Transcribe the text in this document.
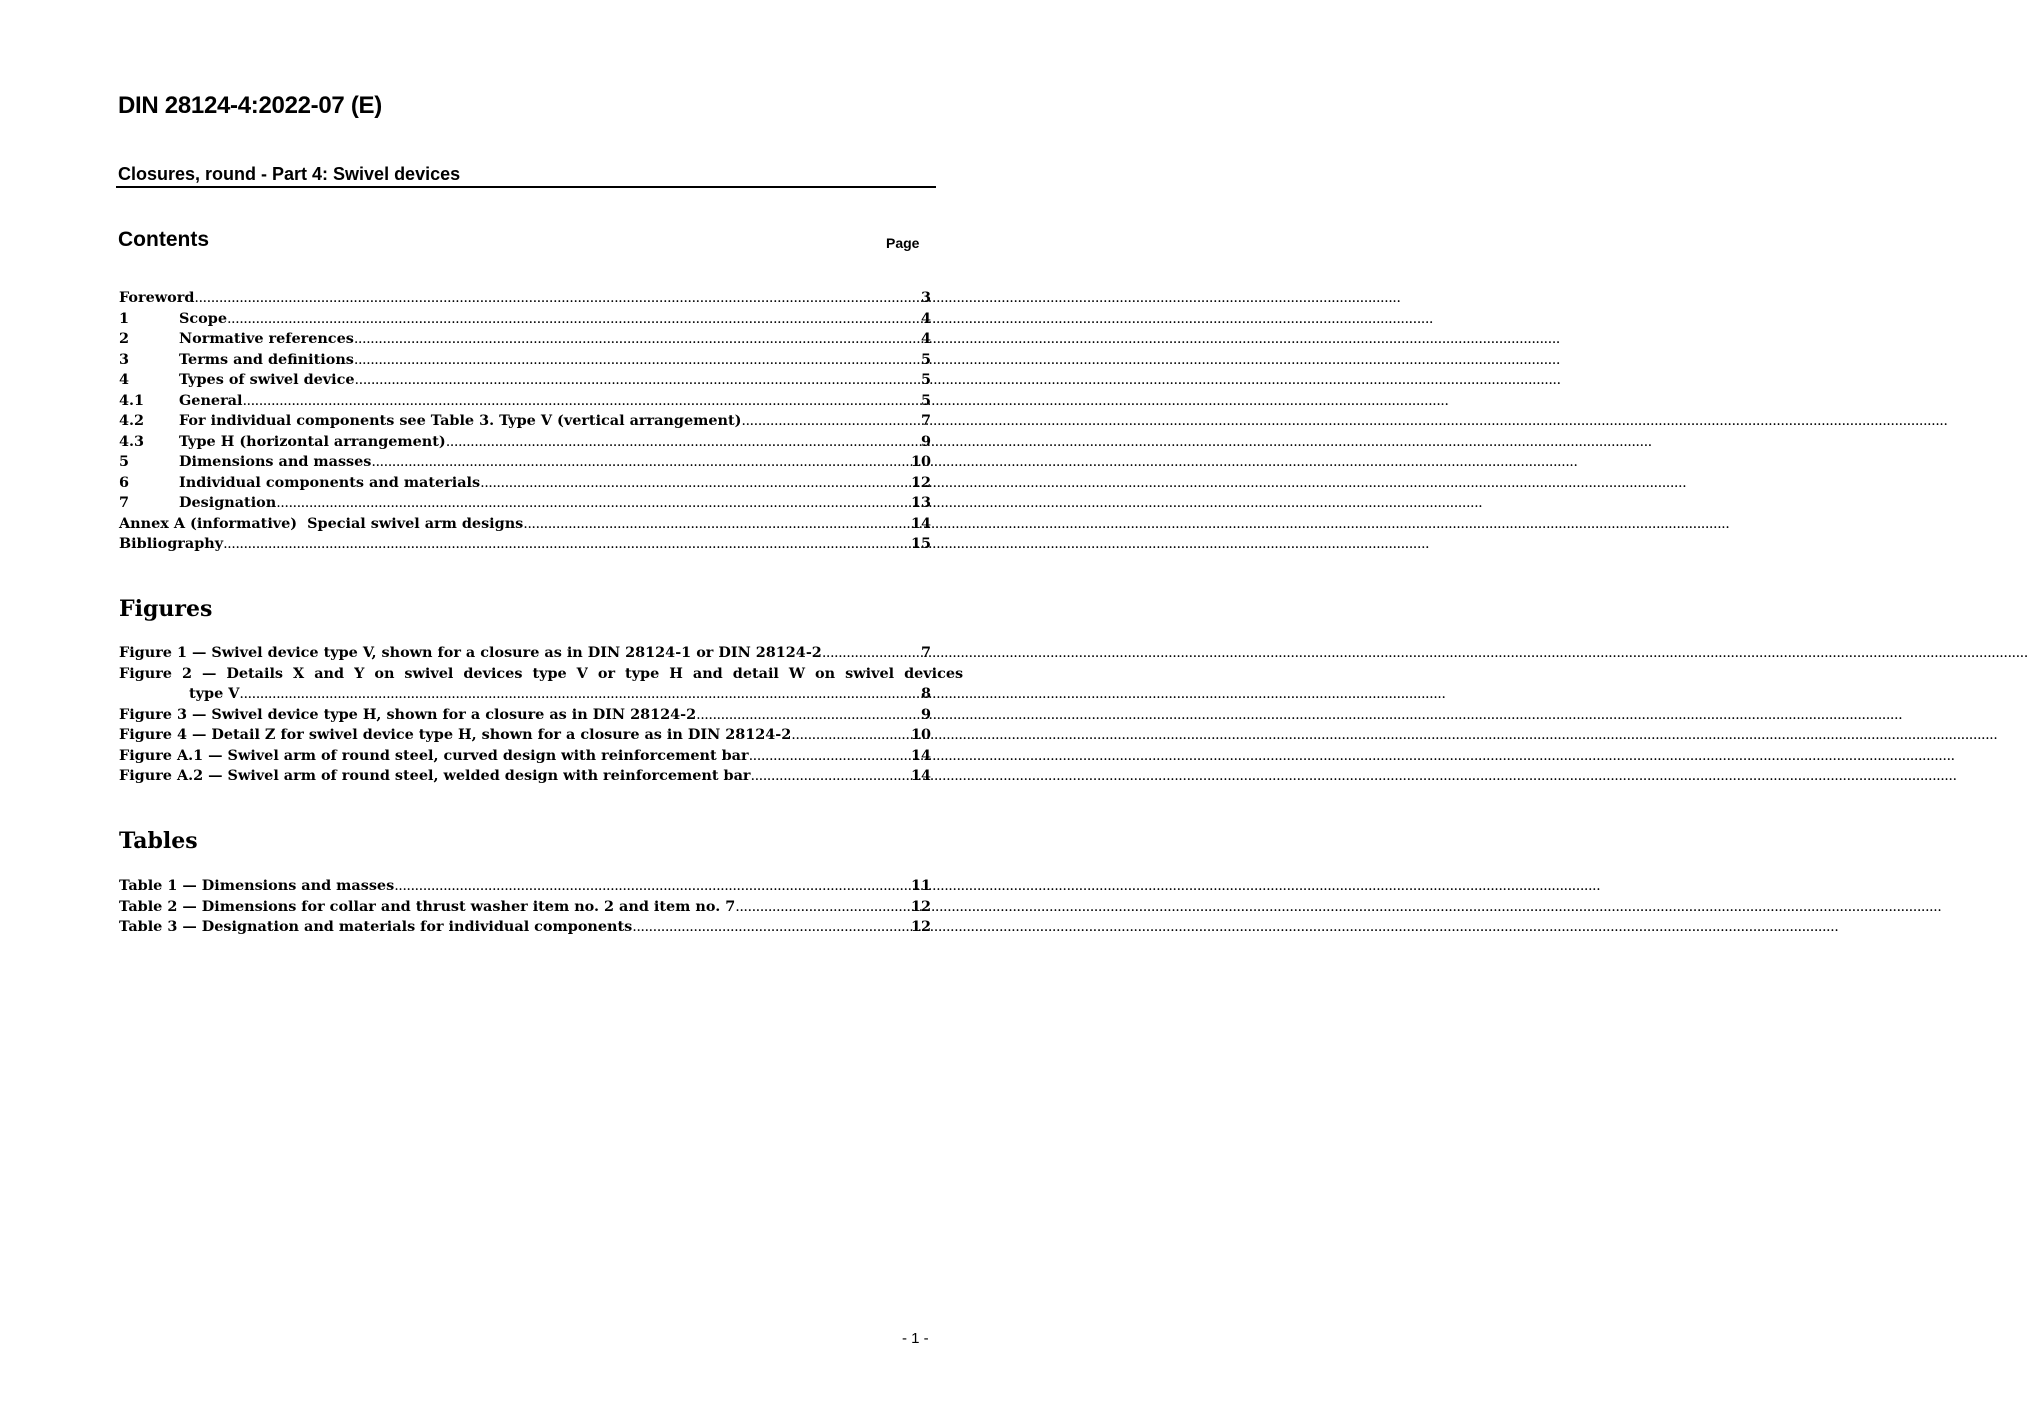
DIN 28124-4:2022-07 (E)
Closures, round - Part 4: Swivel devices
Contents	Page
Foreword .....	3
1	Scope .....	4
2	Normative references .....	4
3	Terms and definitions .....	5
4	Types of swivel device .....	5
4.1	General .....	5
4.2	For individual components see Table 3. Type V (vertical arrangement) .....	7
4.3	Type H (horizontal arrangement) .....	9
5	Dimensions and masses .....	10
6	Individual components and materials .....	12
7	Designation .....	13
Annex A (informative)  Special swivel arm designs .....	14
Bibliography .....	15
Figures
Figure 1 — Swivel device type V, shown for a closure as in DIN 28124-1 or DIN 28124-2 .....	7
Figure 2 — Details X and Y on swivel devices type V or type H and detail W on swivel devices
type V .....	8
Figure 3 — Swivel device type H, shown for a closure as in DIN 28124-2 .....	9
Figure 4 — Detail Z for swivel device type H, shown for a closure as in DIN 28124-2 .....	10
Figure A.1 — Swivel arm of round steel, curved design with reinforcement bar .....	14
Figure A.2 — Swivel arm of round steel, welded design with reinforcement bar .....	14
Tables
Table 1 — Dimensions and masses .....	11
Table 2 — Dimensions for collar and thrust washer item no. 2 and item no. 7 .....	12
Table 3 — Designation and materials for individual components .....	12
- 1 -
